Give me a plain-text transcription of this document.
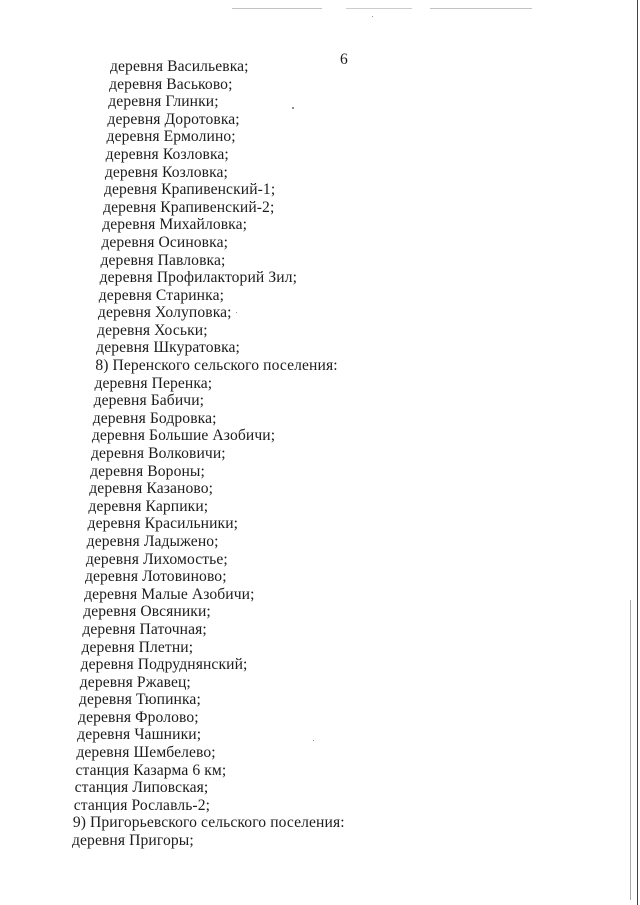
6
деревня Васильевка;
деревня Васьково;
деревня Глинки;
деревня Доротовка;
деревня Ермолино;
деревня Козловка;
деревня Козловка;
деревня Крапивенский-1;
деревня Крапивенский-2;
деревня Михайловка;
деревня Осиновка;
деревня Павловка;
деревня Профилакторий Зил;
деревня Старинка;
деревня Холуповка;
деревня Хоськи;
деревня Шкуратовка;
8) Перенского сельского поселения:
деревня Перенка;
деревня Бабичи;
деревня Бодровка;
деревня Большие Азобичи;
деревня Волковичи;
деревня Вороны;
деревня Казаново;
деревня Карпики;
деревня Красильники;
деревня Ладыжено;
деревня Лихомостье;
деревня Лотовиново;
деревня Малые Азобичи;
деревня Овсяники;
деревня Паточная;
деревня Плетни;
деревня Подруднянский;
деревня Ржавец;
деревня Тюпинка;
деревня Фролово;
деревня Чашники;
деревня Шембелево;
станция Казарма 6 км;
станция Липовская;
станция Рославль-2;
9) Пригорьевского сельского поселения:
деревня Пригоры;
